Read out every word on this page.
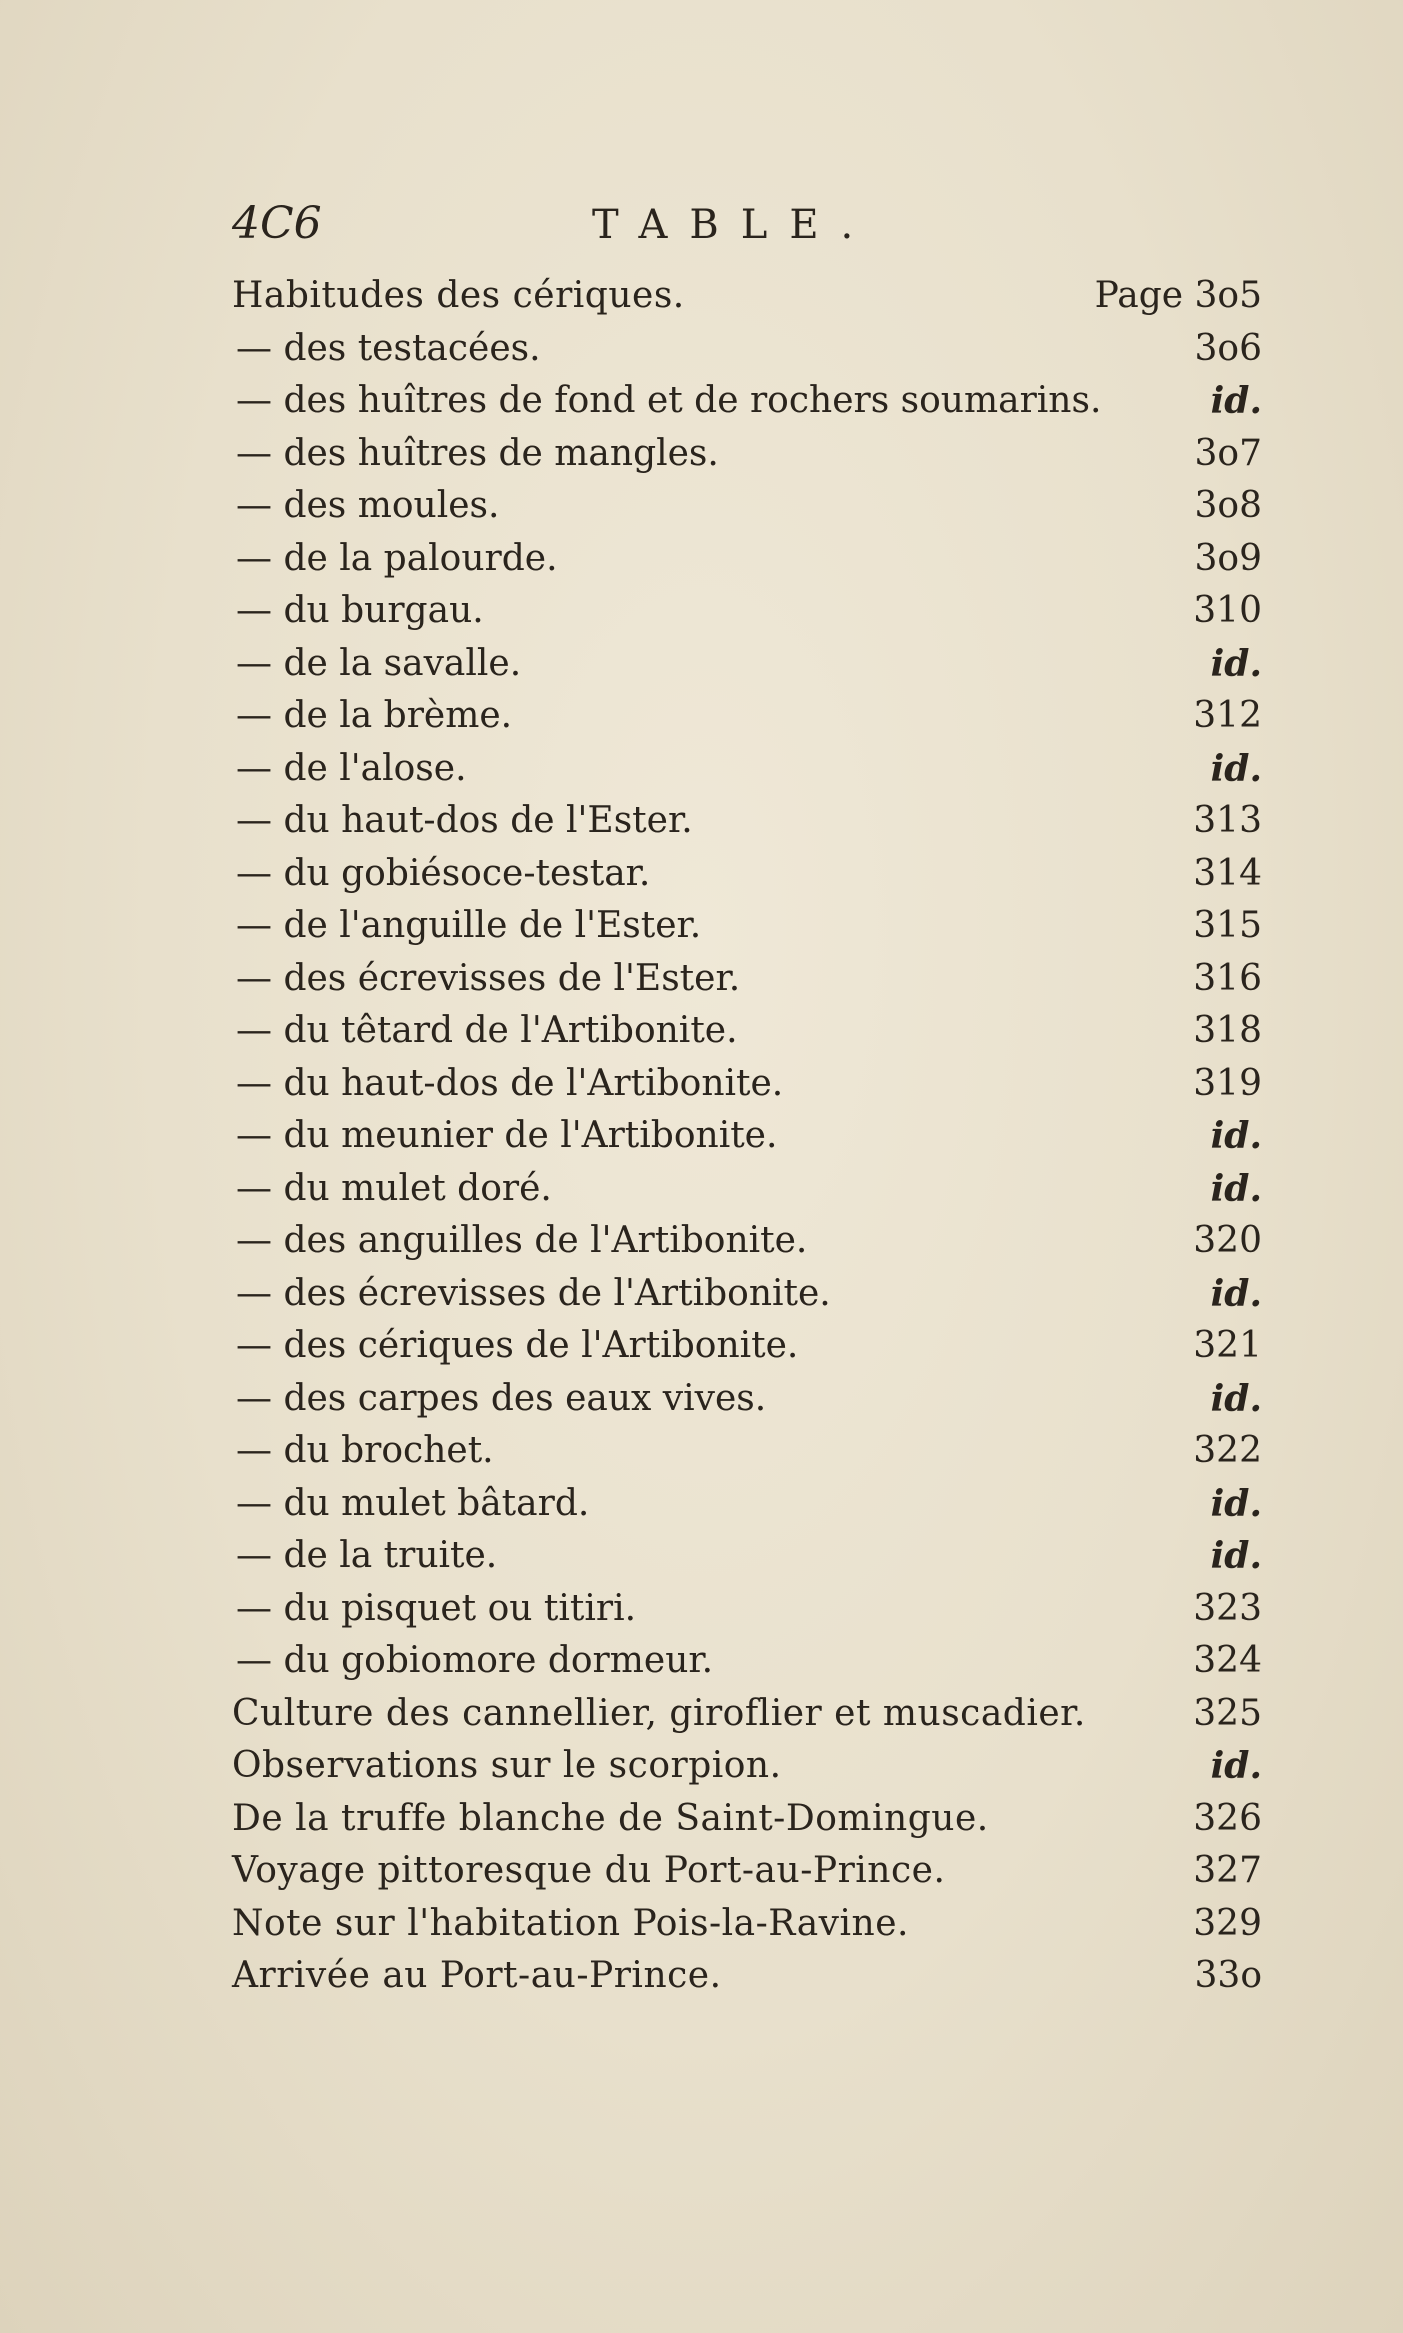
4C6	TABLE.
Habitudes des cériques.	Page 3o5
— des testacées.	3o6
— des huîtres de fond et de rochers soumarins.	id.
— des huîtres de mangles.	3o7
— des moules.	3o8
— de la palourde.	3o9
— du burgau.	310
— de la savalle.	id.
— de la brème.	312
— de l'alose.	id.
— du haut-dos de l'Ester.	313
— du gobiésoce-testar.	314
— de l'anguille de l'Ester.	315
— des écrevisses de l'Ester.	316
— du têtard de l'Artibonite.	318
— du haut-dos de l'Artibonite.	319
— du meunier de l'Artibonite.	id.
— du mulet doré.	id.
— des anguilles de l'Artibonite.	320
— des écrevisses de l'Artibonite.	id.
— des cériques de l'Artibonite.	321
— des carpes des eaux vives.	id.
— du brochet.	322
— du mulet bâtard.	id.
— de la truite.	id.
— du pisquet ou titiri.	323
— du gobiomore dormeur.	324
Culture des cannellier, giroflier et muscadier.	325
Observations sur le scorpion.	id.
De la truffe blanche de Saint-Domingue.	326
Voyage pittoresque du Port-au-Prince.	327
Note sur l'habitation Pois-la-Ravine.	329
Arrivée au Port-au-Prince.	33o
